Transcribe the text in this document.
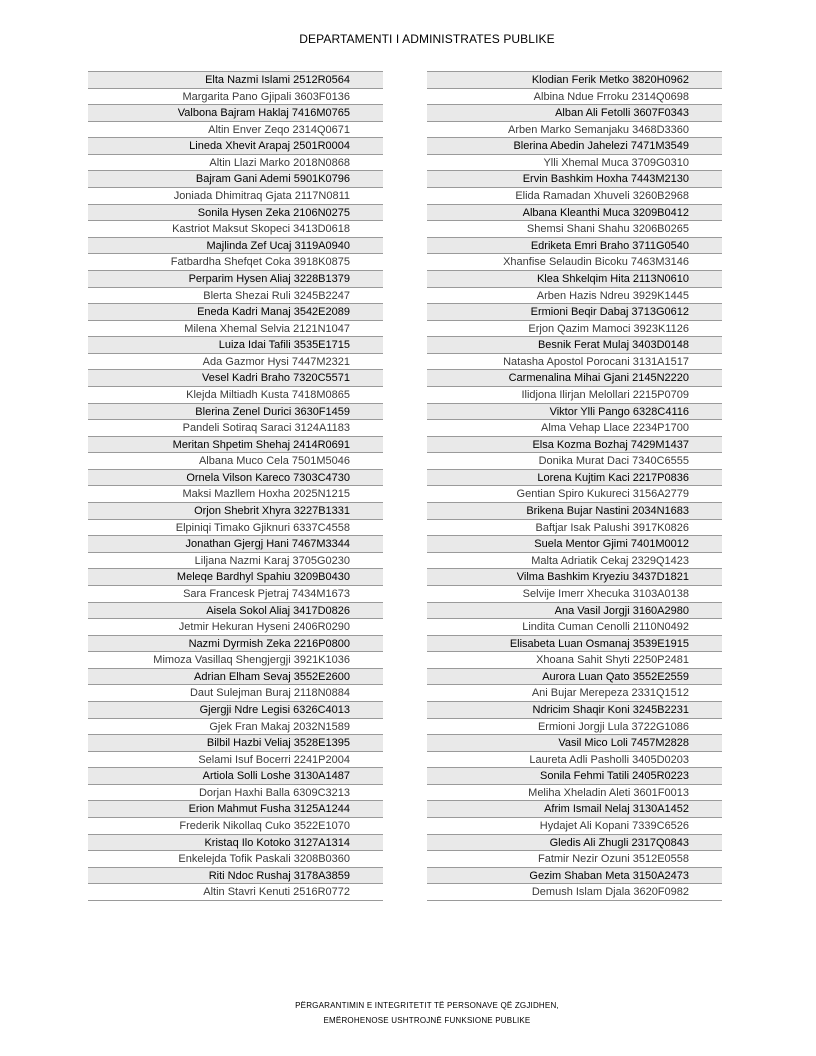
DEPARTAMENTI I ADMINISTRATES PUBLIKE
Elta Nazmi Islami 2512R0564
Margarita Pano Gjipali 3603F0136
Valbona Bajram Haklaj 7416M0765
Altin Enver Zeqo 2314Q0671
Lineda Xhevit Arapaj 2501R0004
Altin Llazi Marko 2018N0868
Bajram Gani Ademi 5901K0796
Joniada Dhimitraq Gjata 2117N0811
Sonila Hysen Zeka 2106N0275
Kastriot Maksut Skopeci 3413D0618
Majlinda Zef Ucaj 3119A0940
Fatbardha Shefqet Coka 3918K0875
Perparim Hysen Aliaj 3228B1379
Blerta Shezai Ruli 3245B2247
Eneda Kadri Manaj 3542E2089
Milena Xhemal Selvia 2121N1047
Luiza Idai Tafili 3535E1715
Ada Gazmor Hysi 7447M2321
Vesel Kadri Braho 7320C5571
Klejda Miltiadh Kusta 7418M0865
Blerina Zenel Durici 3630F1459
Pandeli Sotiraq Saraci 3124A1183
Meritan Shpetim Shehaj 2414R0691
Albana Muco Cela 7501M5046
Ornela Vilson Kareco 7303C4730
Maksi Mazllem Hoxha 2025N1215
Orjon Shebrit Xhyra 3227B1331
Elpiniqi Timako Gjiknuri 6337C4558
Jonathan Gjergj Hani 7467M3344
Liljana Nazmi Karaj 3705G0230
Meleqe Bardhyl Spahiu 3209B0430
Sara Francesk Pjetraj 7434M1673
Aisela Sokol Aliaj 3417D0826
Jetmir Hekuran Hyseni 2406R0290
Nazmi Dyrmish Zeka 2216P0800
Mimoza Vasillaq Shengjergji 3921K1036
Adrian Elham Sevaj 3552E2600
Daut Sulejman Buraj 2118N0884
Gjergji Ndre Legisi 6326C4013
Gjek Fran Makaj 2032N1589
Bilbil Hazbi Veliaj 3528E1395
Selami Isuf Bocerri 2241P2004
Artiola Solli Loshe 3130A1487
Dorjan Haxhi Balla 6309C3213
Erion Mahmut Fusha 3125A1244
Frederik Nikollaq Cuko 3522E1070
Kristaq Ilo Kotoko 3127A1314
Enkelejda Tofik Paskali 3208B0360
Riti Ndoc Rushaj 3178A3859
Altin Stavri Kenuti 2516R0772
Klodian Ferik Metko 3820H0962
Albina Ndue Frroku 2314Q0698
Alban Ali Fetolli 3607F0343
Arben Marko Semanjaku 3468D3360
Blerina Abedin Jahelezi 7471M3549
Ylli Xhemal Muca 3709G0310
Ervin Bashkim Hoxha 7443M2130
Elida Ramadan Xhuveli 3260B2968
Albana Kleanthi Muca 3209B0412
Shemsi Shani Shahu 3206B0265
Edriketa Emri Braho 3711G0540
Xhanfise Selaudin Bicoku 7463M3146
Klea Shkelqim Hita 2113N0610
Arben Hazis Ndreu 3929K1445
Ermioni Beqir Dabaj 3713G0612
Erjon Qazim Mamoci 3923K1126
Besnik Ferat Mulaj 3403D0148
Natasha Apostol Porocani 3131A1517
Carmenalina Mihai Gjani 2145N2220
Ilidjona Ilirjan Melollari 2215P0709
Viktor Ylli Pango 6328C4116
Alma Vehap Llace 2234P1700
Elsa Kozma Bozhaj 7429M1437
Donika Murat Daci 7340C6555
Lorena Kujtim Kaci 2217P0836
Gentian Spiro Kukureci 3156A2779
Brikena Bujar Nastini 2034N1683
Baftjar Isak Palushi 3917K0826
Suela Mentor Gjimi 7401M0012
Malta Adriatik Cekaj 2329Q1423
Vilma Bashkim Kryeziu 3437D1821
Selvije Imerr Xhecuka 3103A0138
Ana Vasil Jorgji 3160A2980
Lindita Cuman Cenolli 2110N0492
Elisabeta Luan Osmanaj 3539E1915
Xhoana Sahit Shyti 2250P2481
Aurora Luan Qato 3552E2559
Ani Bujar Merepeza 2331Q1512
Ndricim Shaqir Koni 3245B2231
Ermioni Jorgji Lula 3722G1086
Vasil Mico Loli 7457M2828
Laureta Adli Pasholli 3405D0203
Sonila Fehmi Tatili 2405R0223
Meliha Xheladin Aleti 3601F0013
Afrim Ismail Nelaj 3130A1452
Hydajet Ali Kopani 7339C6526
Gledis Ali Zhugli 2317Q0843
Fatmir Nezir Ozuni 3512E0558
Gezim Shaban Meta 3150A2473
Demush Islam Djala 3620F0982
PËRGARANTIMIN E INTEGRITETIT TË PERSONAVE QË ZGJIDHEN,
EMËROHENOSE USHTROJNË FUNKSIONE PUBLIKE
